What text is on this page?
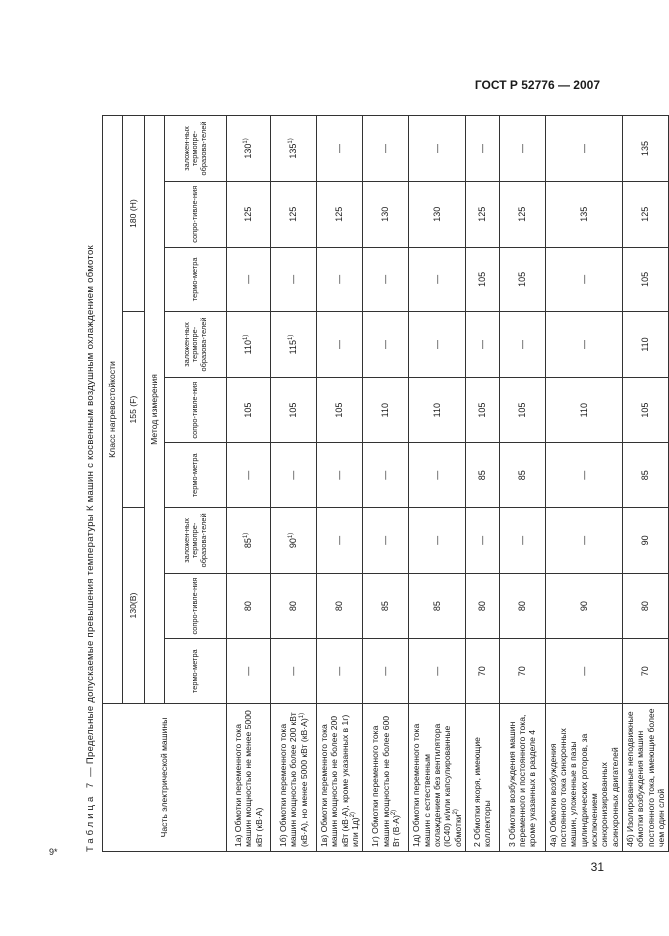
ГОСТ Р 52776 — 2007
9*
31
Таблица 7 — Предельные допускаемые превышения температуры К машин с косвенным воздушным охлаждением обмоток	Часть электрической машины	Класс нагревостойкости								
	130(B)			155 (F)			180 (H)		
	Метод измерения								
	термо-метра	сопро-тивле-ния	заложен-ных термопре-образова-телей	термо-метра	сопро-тивле-ния	заложен-ных термопре-образова-телей	термо-метра	сопро-тивле-ния	заложен-ных термопре-образова-телей
1а) Обмотки переменного тока машин мощностью не менее 5000 кВт (кВ·А)	—	80	85$^{1)}$	—	105	110$^{1)}$	—	125	130$^{1)}$
1б) Обмотки переменного тока машин мощностью более 200 кВт (кВ·А), но менее 5000 кВт $(кВ\cdot А)^{1)}$	—	80	90$^{1)}$	—	105	115$^{1)}$	—	125	135$^{1)}$
1в) Обмотки переменного тока машин мощностью не более 200 кВт (кВ·А), кроме указанных в 1г) или 1д)$^{2)}$	—	80	—	—	105	—	—	125	—
1г) Обмотки переменного тока машин мощностью не более 600 Вт $(В\cdot А)^{2)}$	—	85	—	—	110	—	—	130	—
1д) Обмотки переменного тока машин с естественным охлаждением без вентилятора (IC40) и/или капсулированные обмотки$^{2)}$	—	85	—	—	110	—	—	130	—
2 Обмотки якоря, имеющие коллекторы	70	80	—	85	105	—	105	125	—
3 Обмотки возбуждения машин переменного и постоянного тока, кроме указанных в разделе 4	70	80	—	85	105	—	105	125	—
4а) Обмотки возбуждения постоянного тока синхронных машин, уложенные в пазы цилиндрических роторов, за исключением синхронизированных асинхронных двигателей	—	90	—	—	110	—	—	135	—
4б) Изолированные неподвижные обмотки возбуждения машин постоянного тока, имеющие более чем один слой	70	80	90	85	105	110	105	125	135
